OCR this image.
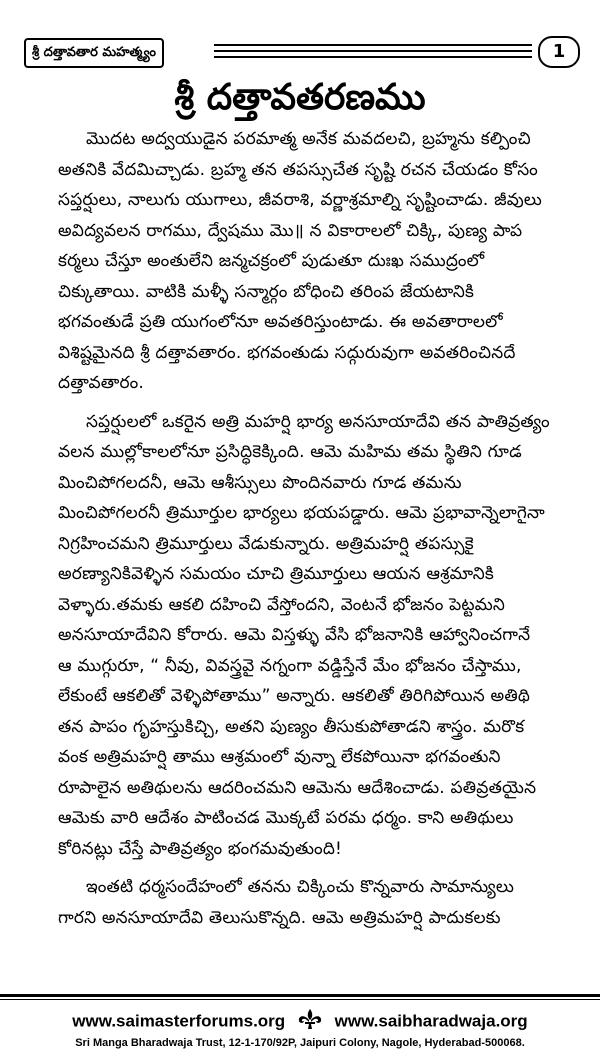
శ్రీ దత్తావతార మహత్మ్యం	1
శ్రీ దత్తావతరణము

మొదట అద్వయుడైన పరమాత్మ అనేక మవదలచి, బ్రహ్మను కల్పించి
అతనికి వేదమిచ్చాడు. బ్రహ్మ తన తపస్సుచేత సృష్టి రచన చేయడం కోసం
సప్తర్షులు, నాలుగు యుగాలు, జీవరాశి, వర్ణాశ్రమాల్ని సృష్టించాడు. జీవులు
అవిద్యవలన రాగము, ద్వేషము మొ॥ న వికారాలలో చిక్కి, పుణ్య పాప
కర్మలు చేస్తూ అంతులేని జన్మచక్రంలో పుడుతూ దుఃఖ సముద్రంలో
చిక్కుతాయి. వాటికి మళ్ళీ సన్మార్గం బోధించి తరింప జేయటానికి
భగవంతుడే ప్రతి యుగంలోనూ అవతరిస్తుంటాడు. ఈ అవతారాలలో
విశిష్టమైనది శ్రీ దత్తావతారం. భగవంతుడు సద్గురువుగా అవతరించినదే
దత్తావతారం.

సప్తర్షులలో ఒకరైన అత్రి మహర్షి భార్య అనసూయాదేవి తన పాతివ్రత్యం
వలన ముల్లోకాలలోనూ ప్రసిద్ధికెక్కింది. ఆమె మహిమ తమ స్థితిని గూడ
మించిపోగలదనీ, ఆమె ఆశీస్సులు పొందినవారు గూడ తమను
మించిపోగలరనీ త్రిమూర్తుల భార్యలు భయపడ్డారు. ఆమె ప్రభావాన్నెలాగైనా
నిగ్రహించమని త్రిమూర్తులు వేడుకున్నారు. అత్రిమహర్షి తపస్సుకై
అరణ్యానికివెళ్ళిన సమయం చూచి త్రిమూర్తులు ఆయన ఆశ్రమానికి
వెళ్ళారు.తమకు ఆకలి దహించి వేస్తోందని, వెంటనే భోజనం పెట్టమని
అనసూయాదేవిని కోరారు. ఆమె విస్తళ్ళు వేసి భోజనానికి ఆహ్వానించగానే
ఆ ముగ్గురూ, “ నీవు, వివస్త్రవై నగ్నంగా వడ్డిస్తేనే మేం భోజనం చేస్తాము,
లేకుంటే ఆకలితో వెళ్ళిపోతాము” అన్నారు. ఆకలితో తిరిగిపోయిన అతిథి
తన పాపం గృహస్తుకిచ్చి, అతని పుణ్యం తీసుకుపోతాడని శాస్త్రం. మరొక
వంక అత్రిమహర్షి తాము ఆశ్రమంలో వున్నా లేకపోయినా భగవంతుని
రూపాలైన అతిథులను ఆదరించమని ఆమెను ఆదేశించాడు. పతివ్రతయైన
ఆమెకు వారి ఆదేశం పాటించడ మొక్కటే పరమ ధర్మం. కాని అతిథులు
కోరినట్లు చేస్తే పాతివ్రత్యం భంగమవుతుంది!

ఇంతటి ధర్మసందేహంలో తనను చిక్కించు కొన్నవారు సామాన్యులు
గారని అనసూయాదేవి తెలుసుకొన్నది. ఆమె అత్రిమహర్షి పాదుకలకు

www.saimasterforums.org	www.saibharadwaja.org
Sri Manga Bharadwaja Trust, 12-1-170/92P, Jaipuri Colony, Nagole, Hyderabad-500068.
